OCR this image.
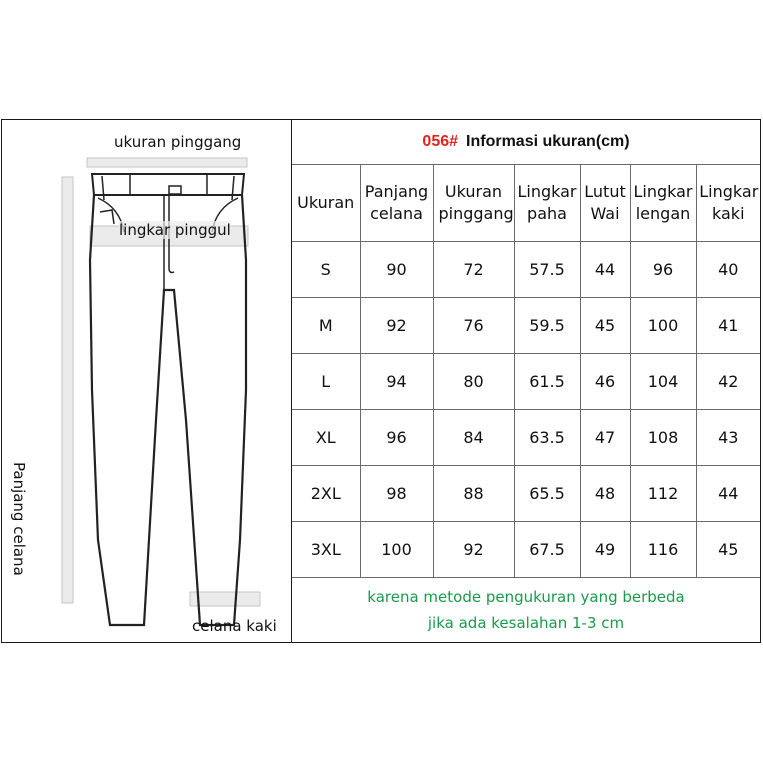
ukuran pinggang
lingkar pinggul
Panjang celana
celana kaki
056# Informasi ukuran(cm)						
Ukuran	Panjang celana	Ukuran pinggang	Lingkar paha	Lutut Wai	Lingkar lengan	Lingkar kaki
S	90	72	57.5	44	96	40
M	92	76	59.5	45	100	41
L	94	80	61.5	46	104	42
XL	96	84	63.5	47	108	43
2XL	98	88	65.5	48	112	44
3XL	100	92	67.5	49	116	45

karena metode pengukuran yang berbeda
jika ada kesalahan 1-3 cm						
